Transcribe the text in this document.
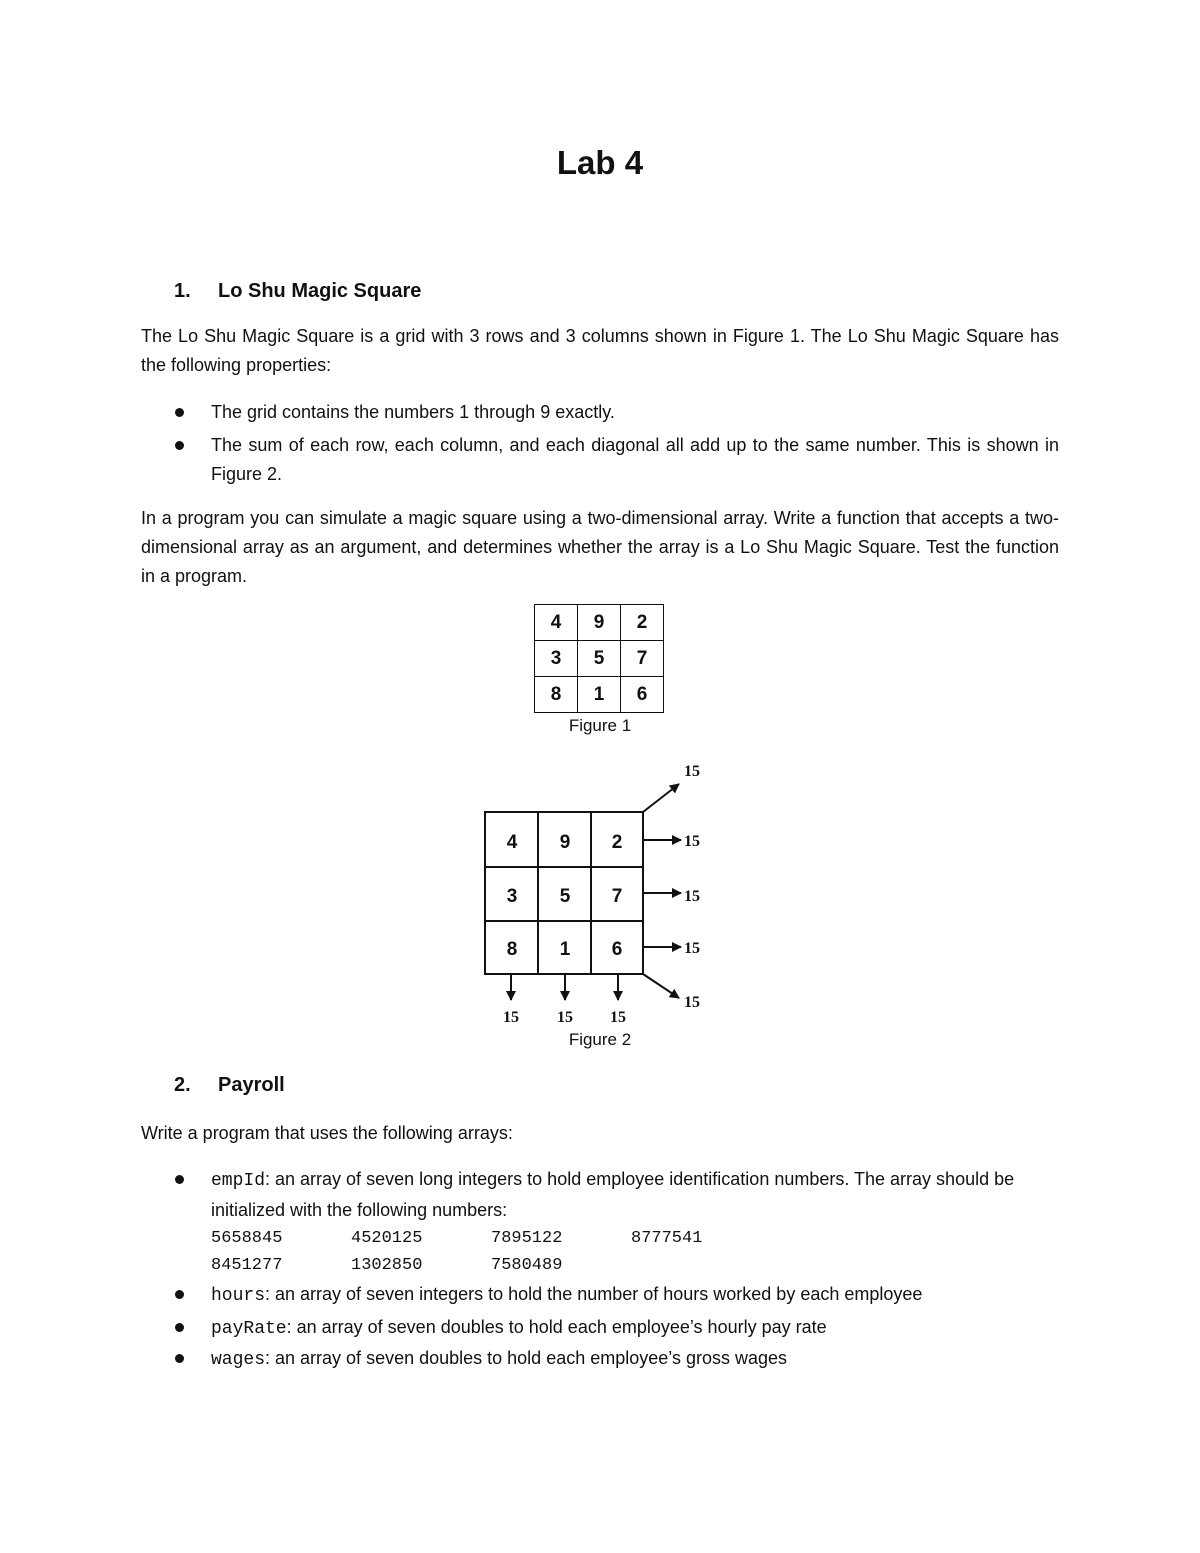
Lab 4
1. Lo Shu Magic Square
The Lo Shu Magic Square is a grid with 3 rows and 3 columns shown in Figure 1. The Lo Shu Magic Square has the following properties:
The grid contains the numbers 1 through 9 exactly.
The sum of each row, each column, and each diagonal all add up to the same number. This is shown in Figure 2.
In a program you can simulate a magic square using a two-dimensional array. Write a function that accepts a two-dimensional array as an argument, and determines whether the array is a Lo Shu Magic Square. Test the function in a program.
4	9	2
3	5	7
8	1	6
Figure 1
4 9 2
3 5 7
8 1 6
15
15
15
15
15
15 15 15
Figure 2
2. Payroll
Write a program that uses the following arrays:
empId: an array of seven long integers to hold employee identification numbers. The array should be initialized with the following numbers:
5658845	4520125	7895122	8777541
8451277	1302850	7580489
hours: an array of seven integers to hold the number of hours worked by each employee
payRate: an array of seven doubles to hold each employee’s hourly pay rate
wages: an array of seven doubles to hold each employee’s gross wages
